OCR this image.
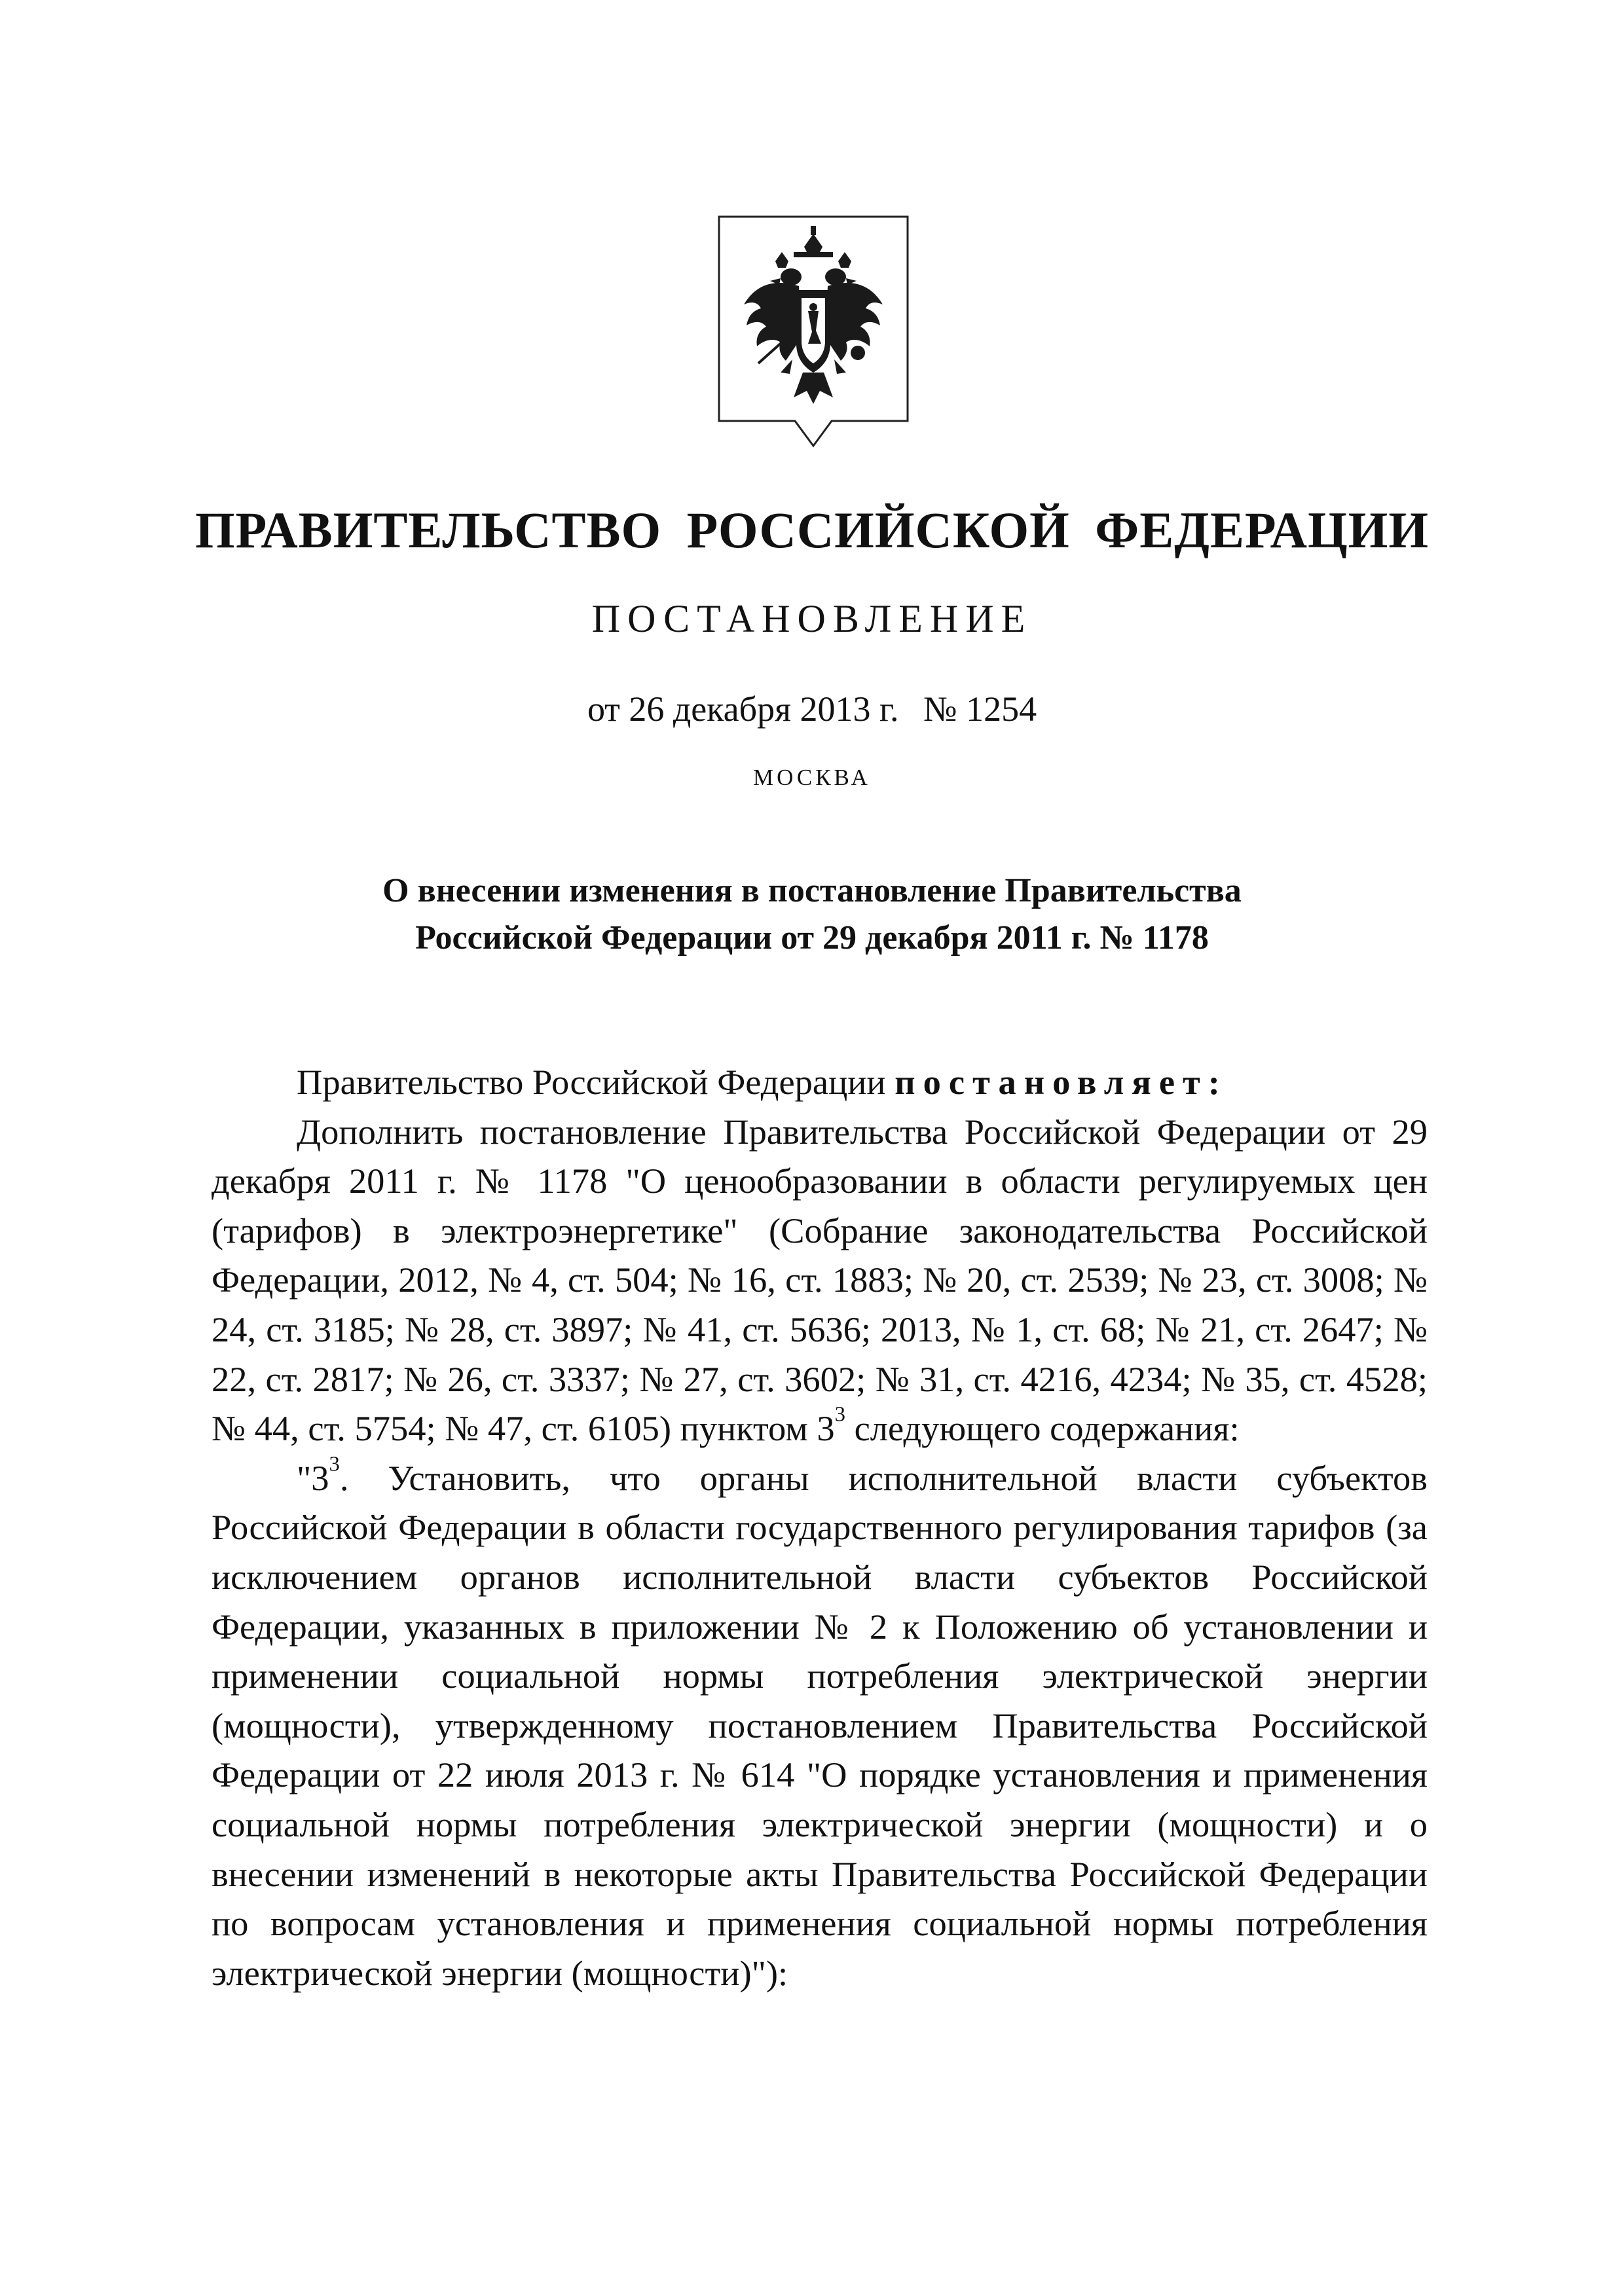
ПРАВИТЕЛЬСТВО РОССИЙСКОЙ ФЕДЕРАЦИИ
ПОСТАНОВЛЕНИЕ
от 26 декабря 2013 г. № 1254
МОСКВА
О внесении изменения в постановление Правительства
Российской Федерации от 29 декабря 2011 г. № 1178

Правительство Российской Федерации постановляет:

Дополнить постановление Правительства Российской Федерации от 29 декабря 2011 г. № 1178 "О ценообразовании в области регулируемых цен (тарифов) в электроэнергетике" (Собрание законодательства Российской Федерации, 2012, № 4, ст. 504; № 16, ст. 1883; № 20, ст. 2539; № 23, ст. 3008; № 24, ст. 3185; № 28, ст. 3897; № 41, ст. 5636; 2013, № 1, ст. 68; № 21, ст. 2647; № 22, ст. 2817; № 26, ст. 3337; № 27, ст. 3602; № 31, ст. 4216, 4234; № 35, ст. 4528; № 44, ст. 5754; № 47, ст. 6105) пунктом $3^3$ следующего содержания:

"$3^3$. Установить, что органы исполнительной власти субъектов Российской Федерации в области государственного регулирования тарифов (за исключением органов исполнительной власти субъектов Российской Федерации, указанных в приложении № 2 к Положению об установлении и применении социальной нормы потребления электрической энергии (мощности), утвержденному постановлением Правительства Российской Федерации от 22 июля 2013 г. № 614 "О порядке установления и применения социальной нормы потребления электрической энергии (мощности) и о внесении изменений в некоторые акты Правительства Российской Федерации по вопросам установления и применения социальной нормы потребления электрической энергии (мощности)"):
